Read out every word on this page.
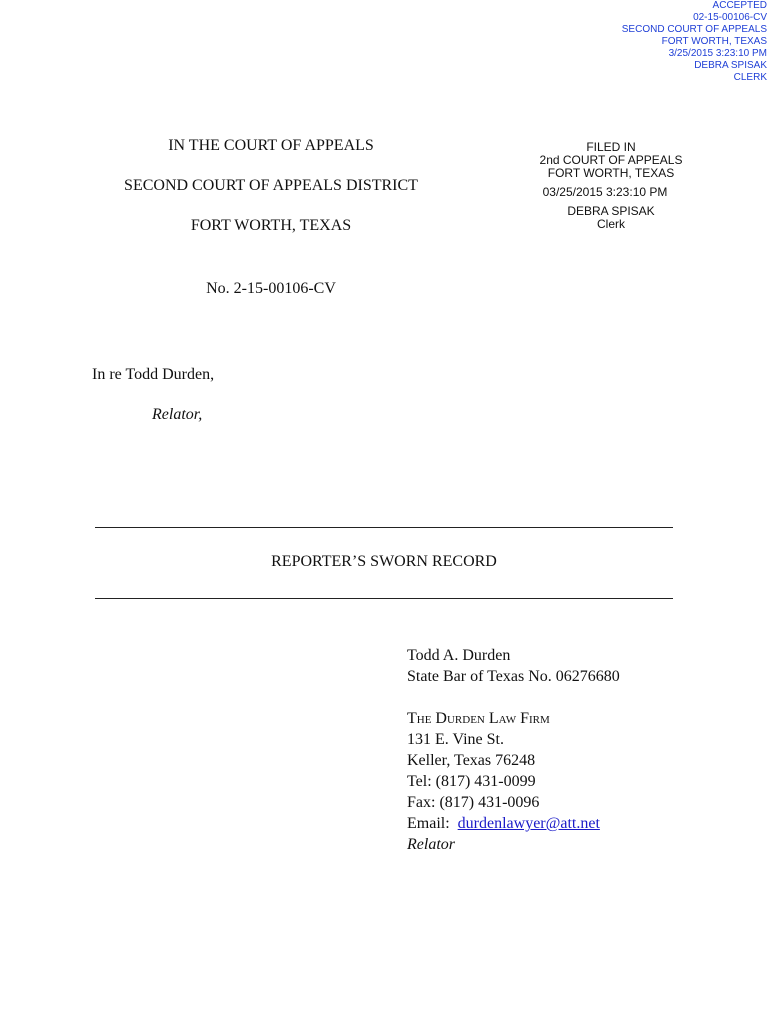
ACCEPTED
02-15-00106-CV
SECOND COURT OF APPEALS
FORT WORTH, TEXAS
3/25/2015 3:23:10 PM
DEBRA SPISAK
CLERK
FILED IN
2nd COURT OF APPEALS
FORT WORTH, TEXAS
03/25/2015 3:23:10 PM
DEBRA SPISAK
Clerk
IN THE COURT OF APPEALS
SECOND COURT OF APPEALS DISTRICT
FORT WORTH, TEXAS
No. 2-15-00106-CV
In re Todd Durden,
Relator,
REPORTER’S SWORN RECORD
Todd A. Durden
State Bar of Texas No. 06276680
The Durden Law Firm
131 E. Vine St.
Keller, Texas 76248
Tel: (817) 431-0099
Fax: (817) 431-0096
Email:  durdenlawyer@att.net
Relator
